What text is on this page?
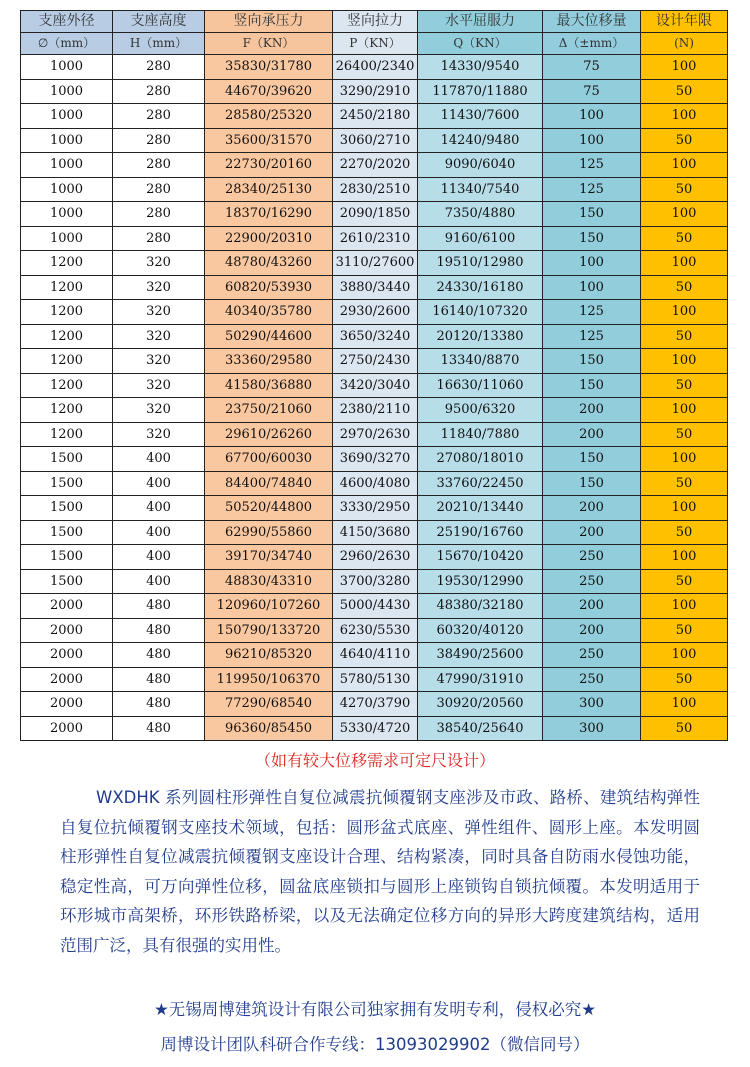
支座外径	支座高度	竖向承压力	竖向拉力	水平屈服力	最大位移量	设计年限
∅（mm）	H（mm）	F（KN）	P（KN）	Q（KN）	Δ（±mm）	(N)
1000	280	35830/31780	26400/2340	14330/9540	75	100
1000	280	44670/39620	3290/2910	117870/11880	75	50
1000	280	28580/25320	2450/2180	11430/7600	100	100
1000	280	35600/31570	3060/2710	14240/9480	100	50
1000	280	22730/20160	2270/2020	9090/6040	125	100
1000	280	28340/25130	2830/2510	11340/7540	125	50
1000	280	18370/16290	2090/1850	7350/4880	150	100
1000	280	22900/20310	2610/2310	9160/6100	150	50
1200	320	48780/43260	3110/27600	19510/12980	100	100
1200	320	60820/53930	3880/3440	24330/16180	100	50
1200	320	40340/35780	2930/2600	16140/107320	125	100
1200	320	50290/44600	3650/3240	20120/13380	125	50
1200	320	33360/29580	2750/2430	13340/8870	150	100
1200	320	41580/36880	3420/3040	16630/11060	150	50
1200	320	23750/21060	2380/2110	9500/6320	200	100
1200	320	29610/26260	2970/2630	11840/7880	200	50
1500	400	67700/60030	3690/3270	27080/18010	150	100
1500	400	84400/74840	4600/4080	33760/22450	150	50
1500	400	50520/44800	3330/2950	20210/13440	200	100
1500	400	62990/55860	4150/3680	25190/16760	200	50
1500	400	39170/34740	2960/2630	15670/10420	250	100
1500	400	48830/43310	3700/3280	19530/12990	250	50
2000	480	120960/107260	5000/4430	48380/32180	200	100
2000	480	150790/133720	6230/5530	60320/40120	200	50
2000	480	96210/85320	4640/4110	38490/25600	250	100
2000	480	119950/106370	5780/5130	47990/31910	250	50
2000	480	77290/68540	4270/3790	30920/20560	300	100
2000	480	96360/85450	5330/4720	38540/25640	300	50
（如有较大位移需求可定尺设计）

WXDHK 系列圆柱形弹性自复位减震抗倾覆钢支座涉及市政、路桥、建筑结构弹性自复位抗倾覆钢支座技术领域，包括：圆形盆式底座、弹性组件、圆形上座。本发明圆柱形弹性自复位减震抗倾覆钢支座设计合理、结构紧凑，同时具备自防雨水侵蚀功能，稳定性高，可万向弹性位移，圆盆底座锁扣与圆形上座锁钩自锁抗倾覆。本发明适用于环形城市高架桥，环形铁路桥梁，以及无法确定位移方向的异形大跨度建筑结构，适用范围广泛，具有很强的实用性。

★无锡周博建筑设计有限公司独家拥有发明专利，侵权必究★
周博设计团队科研合作专线：13093029902（微信同号）
